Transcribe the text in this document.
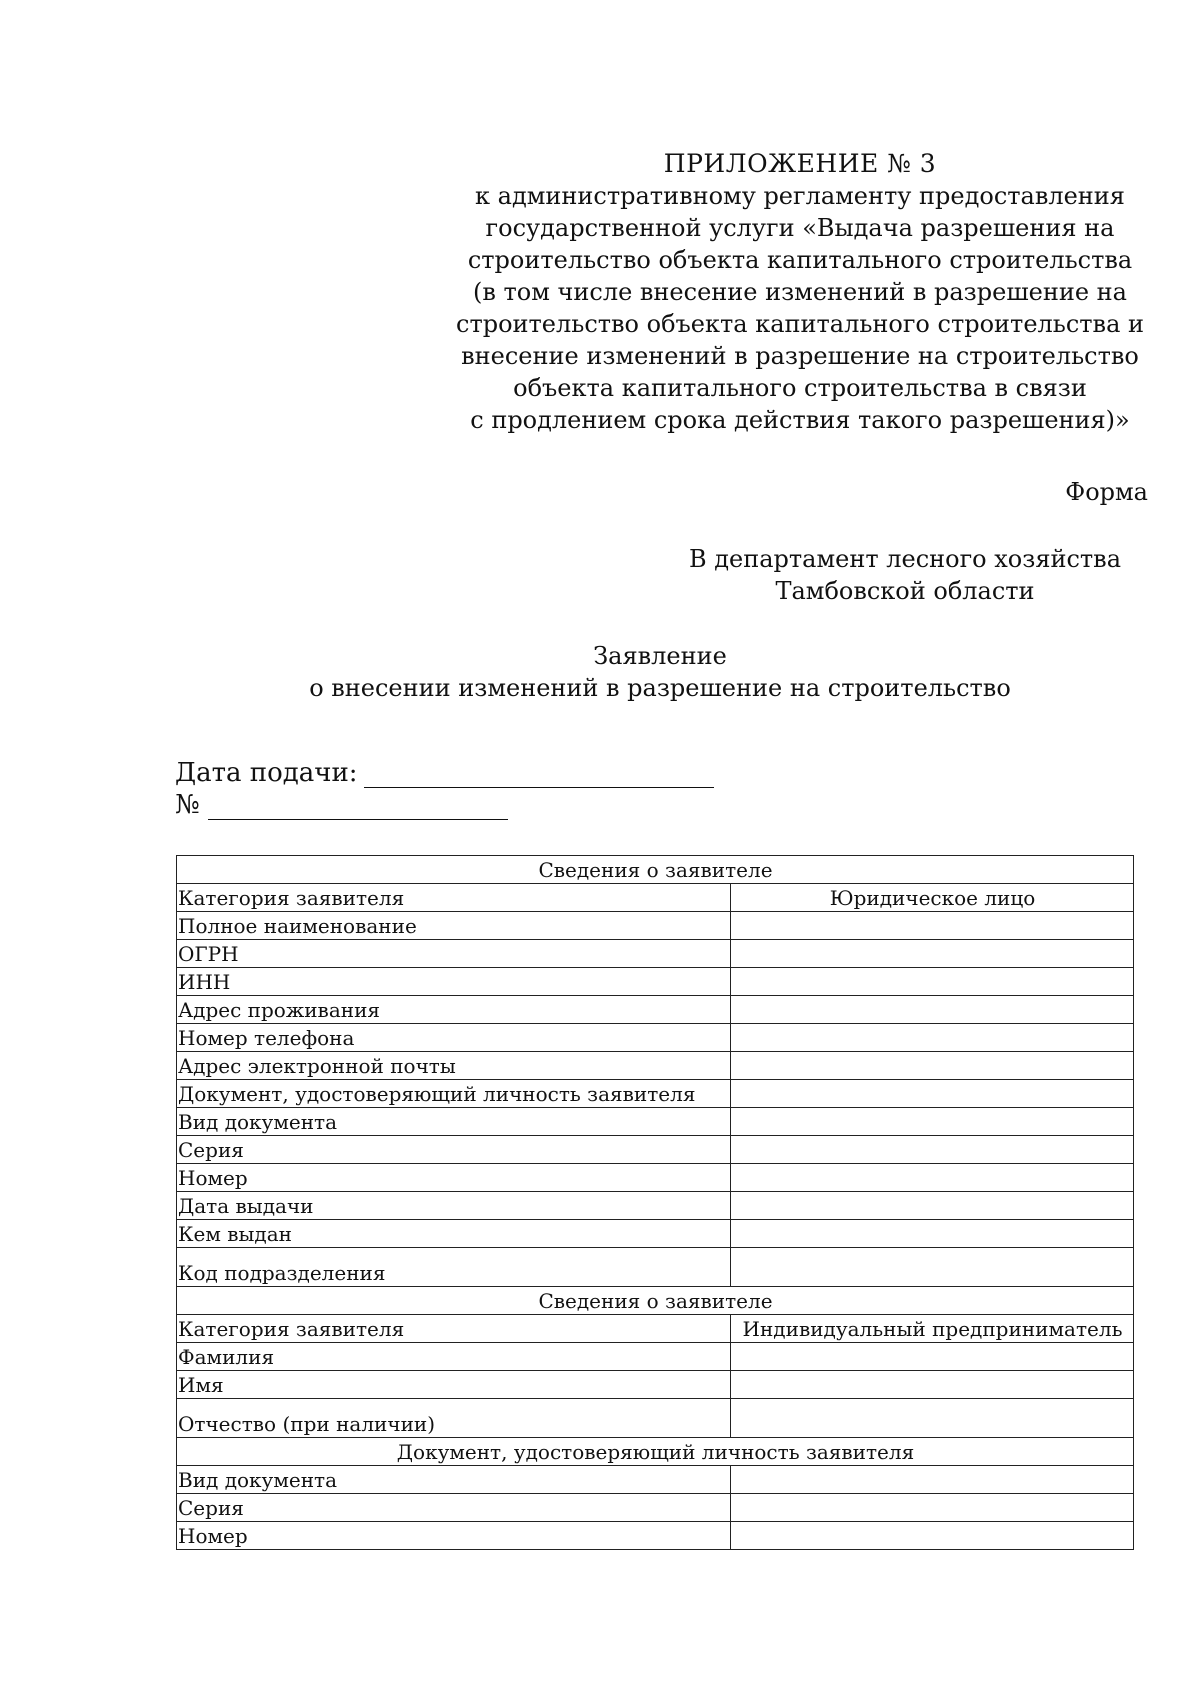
ПРИЛОЖЕНИЕ № 3
к административному регламенту предоставления
государственной услуги «Выдача разрешения на
строительство объекта капитального строительства
(в том числе внесение изменений в разрешение на
строительство объекта капитального строительства и
внесение изменений в разрешение на строительство
объекта капитального строительства в связи
с продлением срока действия такого разрешения)»
Форма
В департамент лесного хозяйства
Тамбовской области
Заявление
о внесении изменений в разрешение на строительство
Дата подачи:
№
Сведения о заявителе	
Категория заявителя	Юридическое лицо
Полное наименование	
ОГРН	
ИНН	
Адрес проживания	
Номер телефона	
Адрес электронной почты	
Документ, удостоверяющий личность заявителя	
Вид документа	
Серия	
Номер	
Дата выдачи	
Кем выдан	
Код подразделения	
Сведения о заявителе	
Категория заявителя	Индивидуальный предприниматель
Фамилия	
Имя	
Отчество (при наличии)	
Документ, удостоверяющий личность заявителя	
Вид документа	
Серия	
Номер	
